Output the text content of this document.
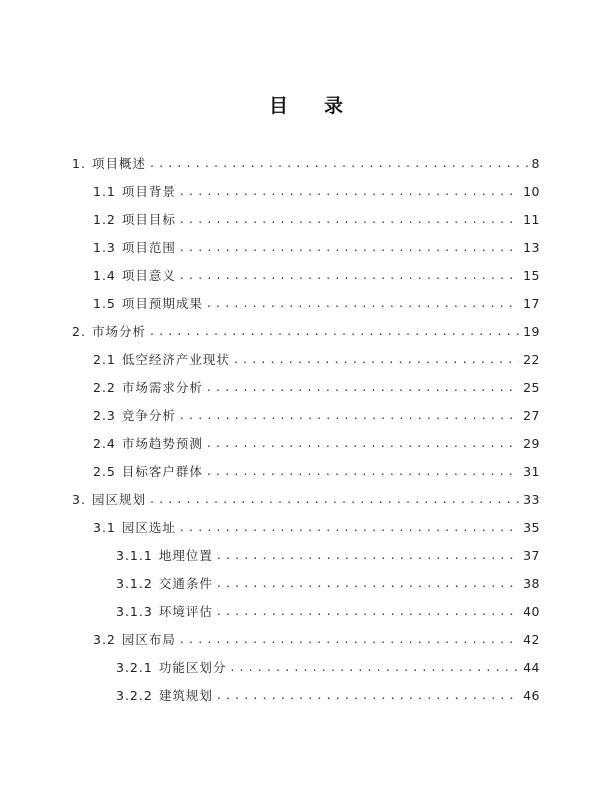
目 录
1. 项目概述 . . .	8
1.1 项目背景 . . .	10
1.2 项目目标 . . .	11
1.3 项目范围 . . .	13
1.4 项目意义 . . .	15
1.5 项目预期成果 . . .	17
2. 市场分析 . . .	19
2.1 低空经济产业现状 . . .	22
2.2 市场需求分析 . . .	25
2.3 竞争分析 . . .	27
2.4 市场趋势预测 . . .	29
2.5 目标客户群体 . . .	31
3. 园区规划 . . .	33
3.1 园区选址 . . .	35
3.1.1 地理位置 . . .	37
3.1.2 交通条件 . . .	38
3.1.3 环境评估 . . .	40
3.2 园区布局 . . .	42
3.2.1 功能区划分 . . .	44
3.2.2 建筑规划 . . .	46
